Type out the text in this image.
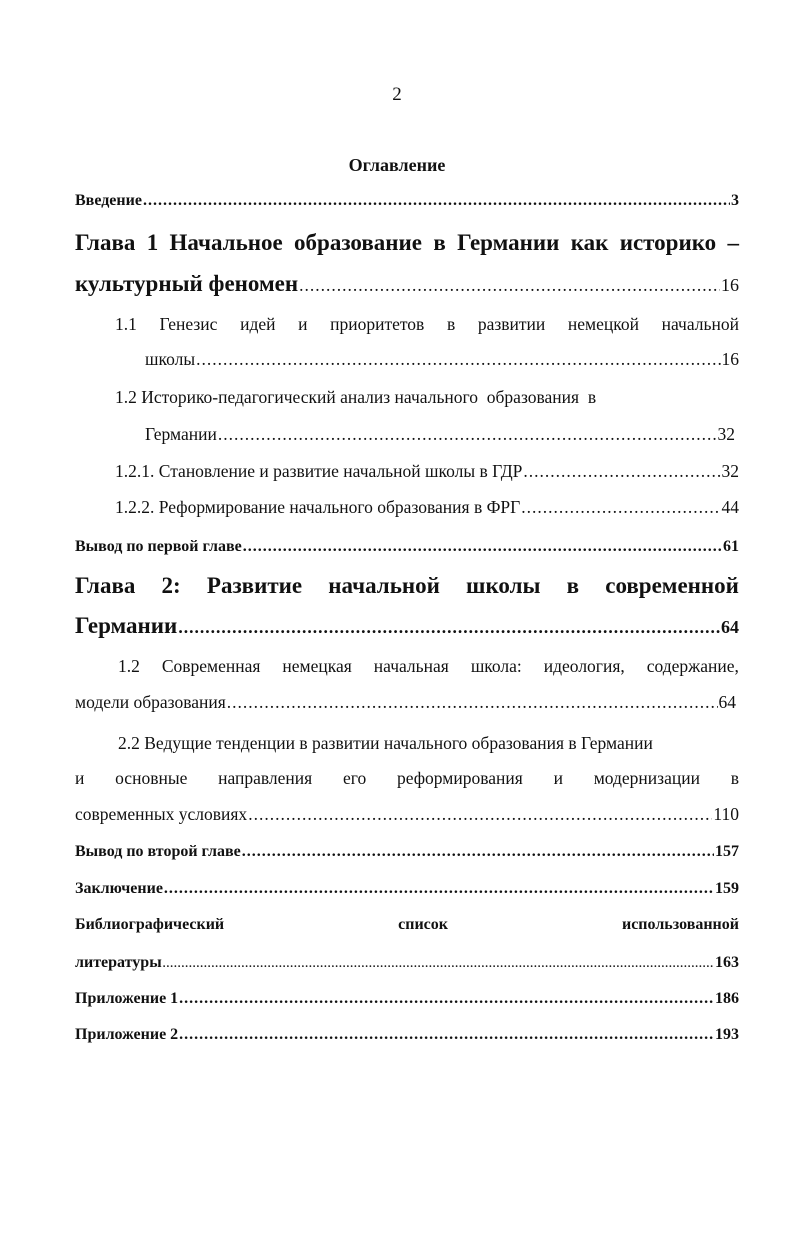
2
Оглавление
Введение .....	3
Глава 1 Начальное образование в Германии как историко –
культурный феномен .....	16
1.1 Генезис идей и приоритетов в развитии немецкой начальной
школы .....	16
1.2 Историко-педагогический анализ начального  образования  в
Германии .....	32
1.2.1. Становление и развитие начальной школы в ГДР .....	32
1.2.2. Реформирование начального образования в ФРГ .....	44
Вывод по первой главе .....	61
Глава 2: Развитие начальной школы в современной
Германии .....	64
1.2 Современная немецкая начальная школа: идеология, содержание,
модели образования .....	64
2.2 Ведущие тенденции в развитии начального образования в Германии
и основные направления его реформирования и модернизации в
современных условиях .....	110
Вывод по второй главе .....	157
Заключение .....	159
Библиографический	список	использованной
литературы .....	163
Приложение 1 .....	186
Приложение 2 .....	193
